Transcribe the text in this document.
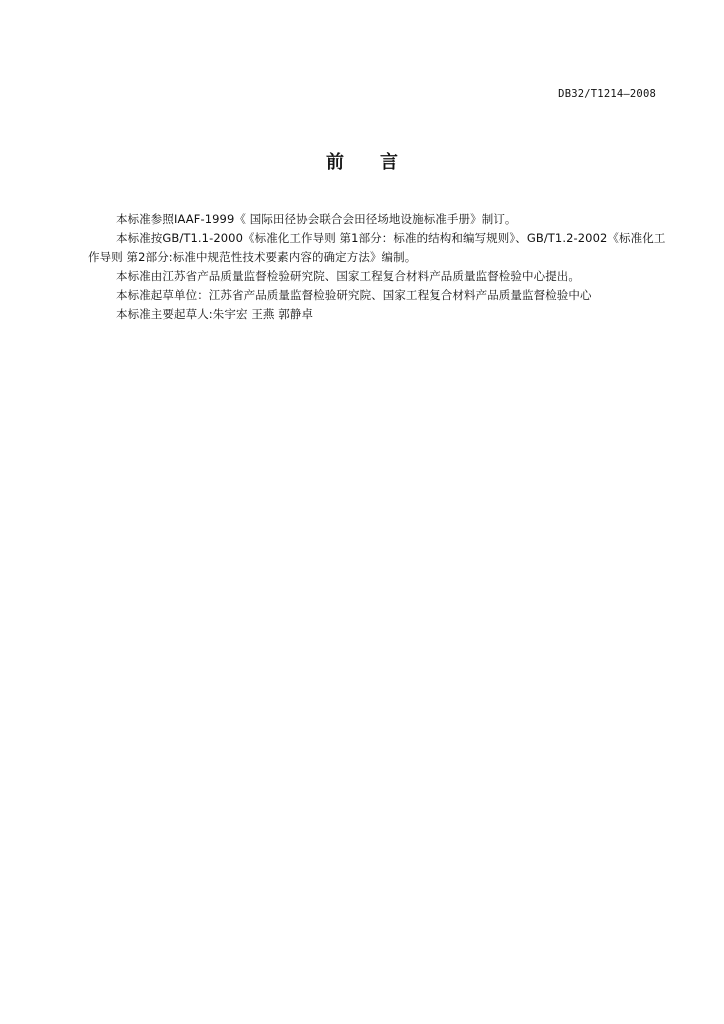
DB32/T1214—2008
前 言

本标准参照IAAF-1999《 国际田径协会联合会田径场地设施标准手册》制订。

本标准按GB/T1.1-2000《标准化工作导则 第1部分：标准的结构和编写规则》、GB/T1.2-2002《标准化工作导则 第2部分:标准中规范性技术要素内容的确定方法》编制。

本标准由江苏省产品质量监督检验研究院、国家工程复合材料产品质量监督检验中心提出。

本标准起草单位：江苏省产品质量监督检验研究院、国家工程复合材料产品质量监督检验中心

本标准主要起草人:朱宇宏 王燕 郭静卓
